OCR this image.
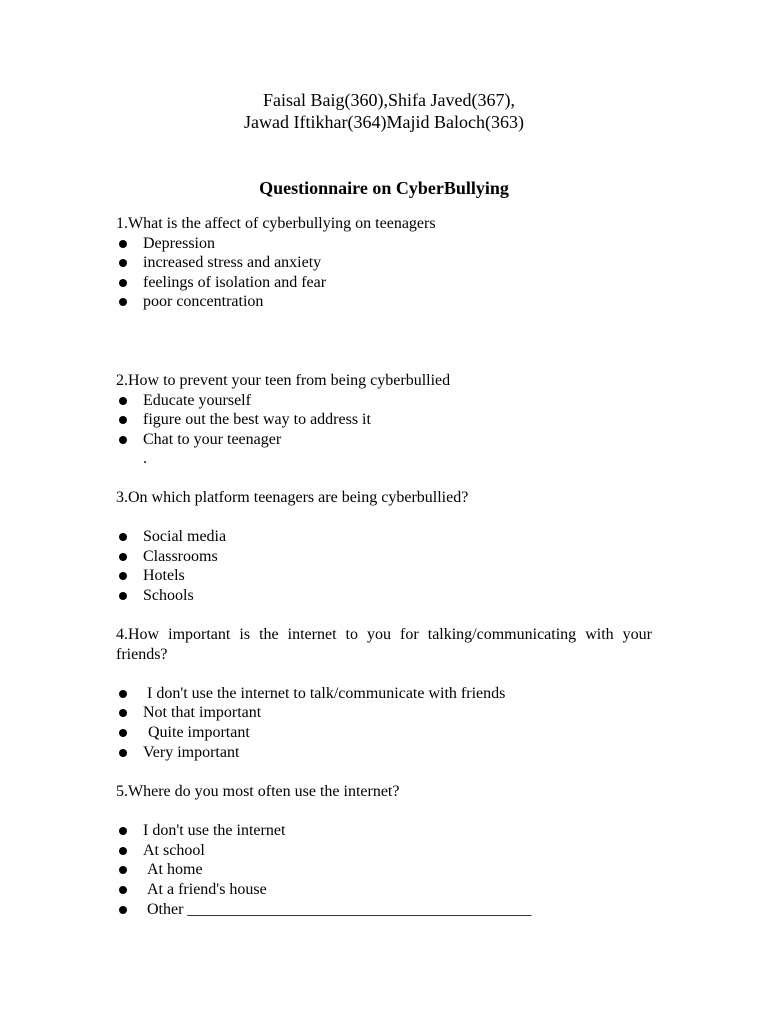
Faisal Baig(360),Shifa Javed(367),
Jawad Iftikhar(364)Majid Baloch(363)
Questionnaire on CyberBullying

1.What is the affect of cyberbullying on teenagers

Depression
increased stress and anxiety
feelings of isolation and fear
poor concentration

2.How to prevent your teen from being cyberbullied

Educate yourself
figure out the best way to address it
Chat to your teenager
.

3.On which platform teenagers are being cyberbullied?

Social media
Classrooms
Hotels
Schools

4.How important is the internet to you for talking/communicating with your friends?

I don't use the internet to talk/communicate with friends
Not that important
Quite important
Very important

5.Where do you most often use the internet?

I don't use the internet
At school
At home
At a friend's house
Other ___________________________________________
